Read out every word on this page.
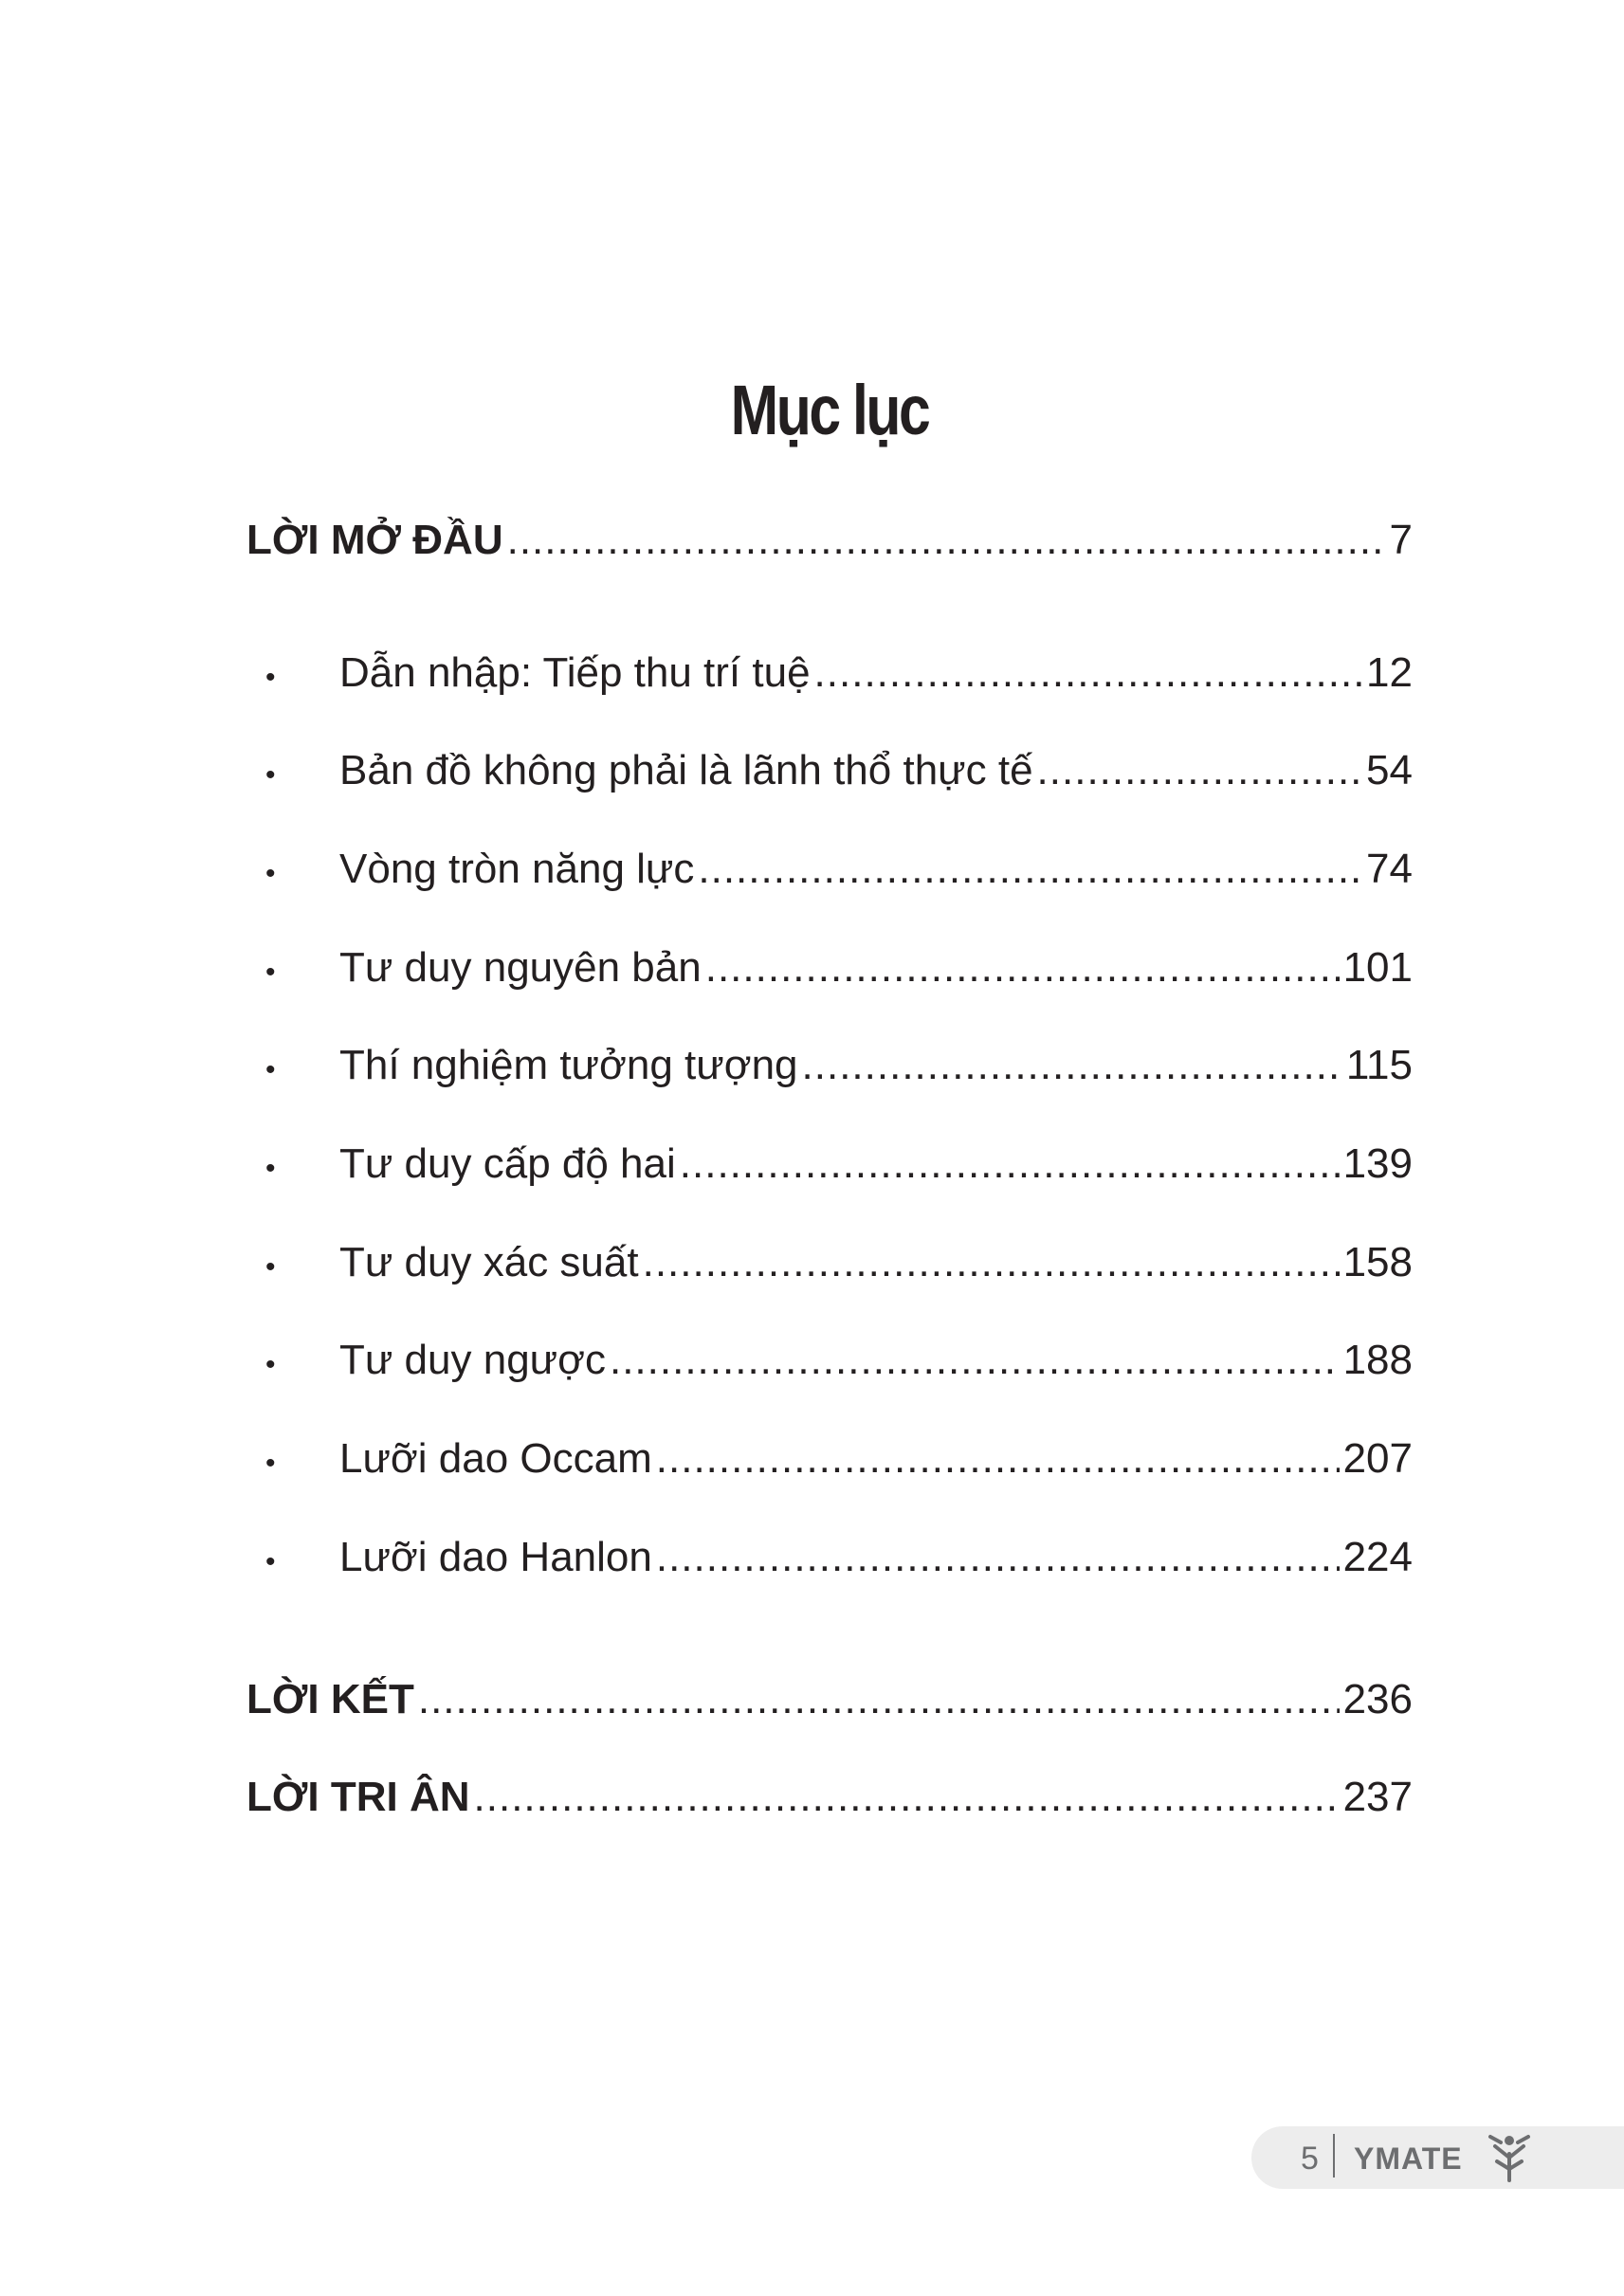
Mục lục
LỜI MỞ ĐẦU .....	7
•	Dẫn nhập: Tiếp thu trí tuệ .....	12
•	Bản đồ không phải là lãnh thổ thực tế .....	54
•	Vòng tròn năng lực .....	74
•	Tư duy nguyên bản .....	101
•	Thí nghiệm tưởng tượng .....	115
•	Tư duy cấp độ hai .....	139
•	Tư duy xác suất .....	158
•	Tư duy ngược .....	188
•	Lưỡi dao Occam .....	207
•	Lưỡi dao Hanlon .....	224
LỜI KẾT .....	236
LỜI TRI ÂN .....	237
5 YMATE
